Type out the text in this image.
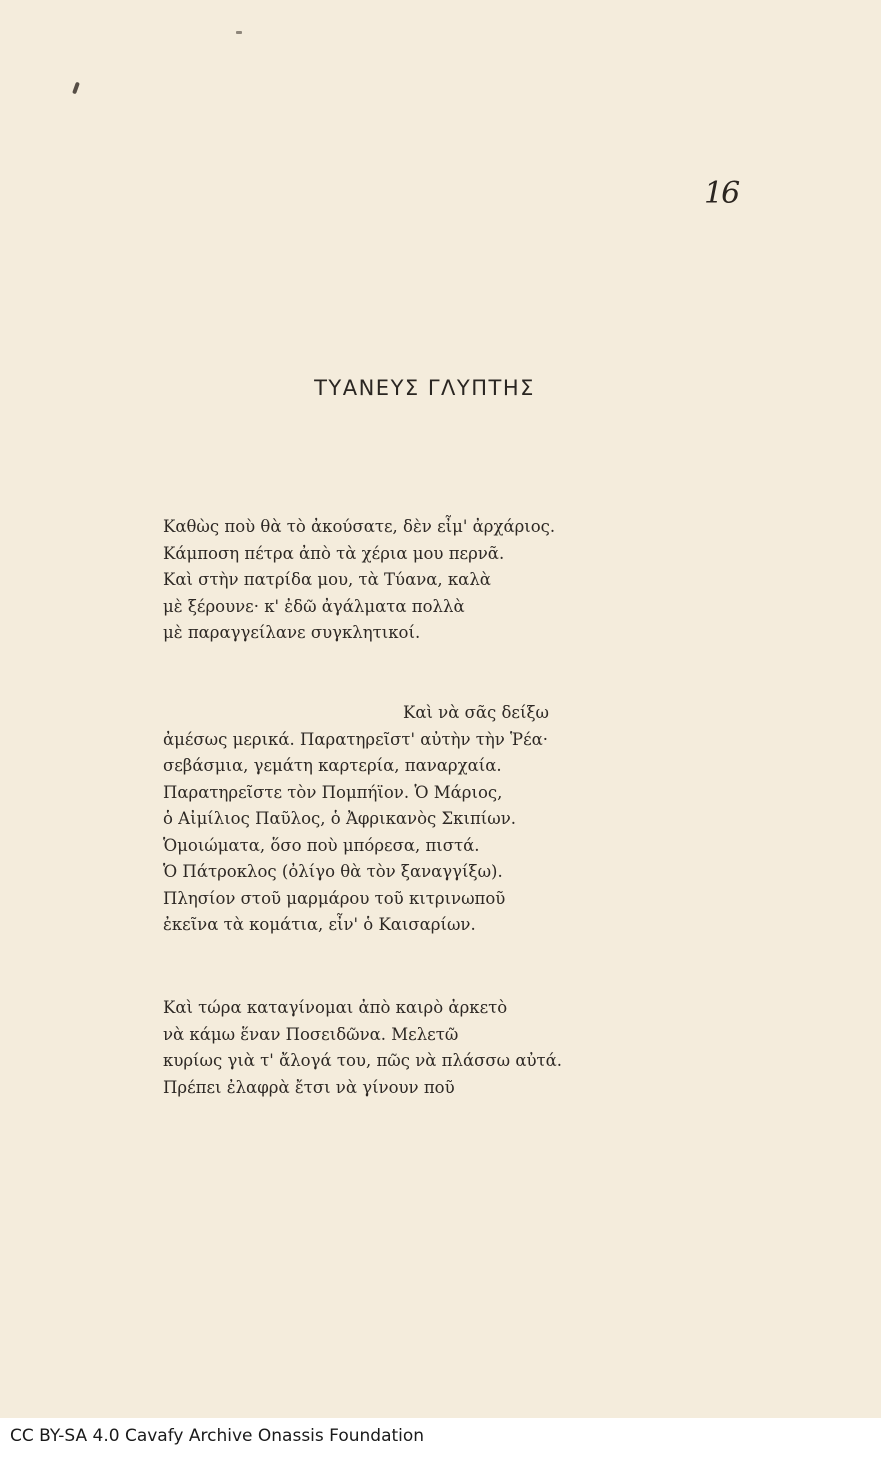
16
ΤΥΑΝΕΥΣ ΓΛΥΠΤΗΣ
Καθὼς ποὺ θὰ τὸ ἀκούσατε, δὲν εἶμ' ἀρχάριος.
Κάμποση πέτρα ἀπὸ τὰ χέρια μου περνᾶ.
Καὶ στὴν πατρίδα μου, τὰ Τύανα, καλὰ
μὲ ξέρουνε· κ' ἐδῶ ἀγάλματα πολλὰ
μὲ παραγγείλανε συγκλητικοί.
Καὶ νὰ σᾶς δείξω
ἀμέσως μερικά. Παρατηρεῖστ' αὐτὴν τὴν Ῥέα·
σεβάσμια, γεμάτη καρτερία, παναρχαία.
Παρατηρεῖστε τὸν Πομπήϊον. Ὁ Μάριος,
ὁ Αἰμίλιος Παῦλος, ὁ Ἀφρικανὸς Σκιπίων.
Ὁμοιώματα, ὅσο ποὺ μπόρεσα, πιστά.
Ὁ Πάτροκλος (ὀλίγο θὰ τὸν ξαναγγίξω).
Πλησίον στοῦ μαρμάρου τοῦ κιτρινωποῦ
ἐκεῖνα τὰ κομάτια, εἶν' ὁ Καισαρίων.
Καὶ τώρα καταγίνομαι ἀπὸ καιρὸ ἀρκετὸ
νὰ κάμω ἕναν Ποσειδῶνα. Μελετῶ
κυρίως γιὰ τ' ἄλογά του, πῶς νὰ πλάσσω αὐτά.
Πρέπει ἐλαφρὰ ἔτσι νὰ γίνουν ποῦ
CC BY-SA 4.0 Cavafy Archive Onassis Foundation
